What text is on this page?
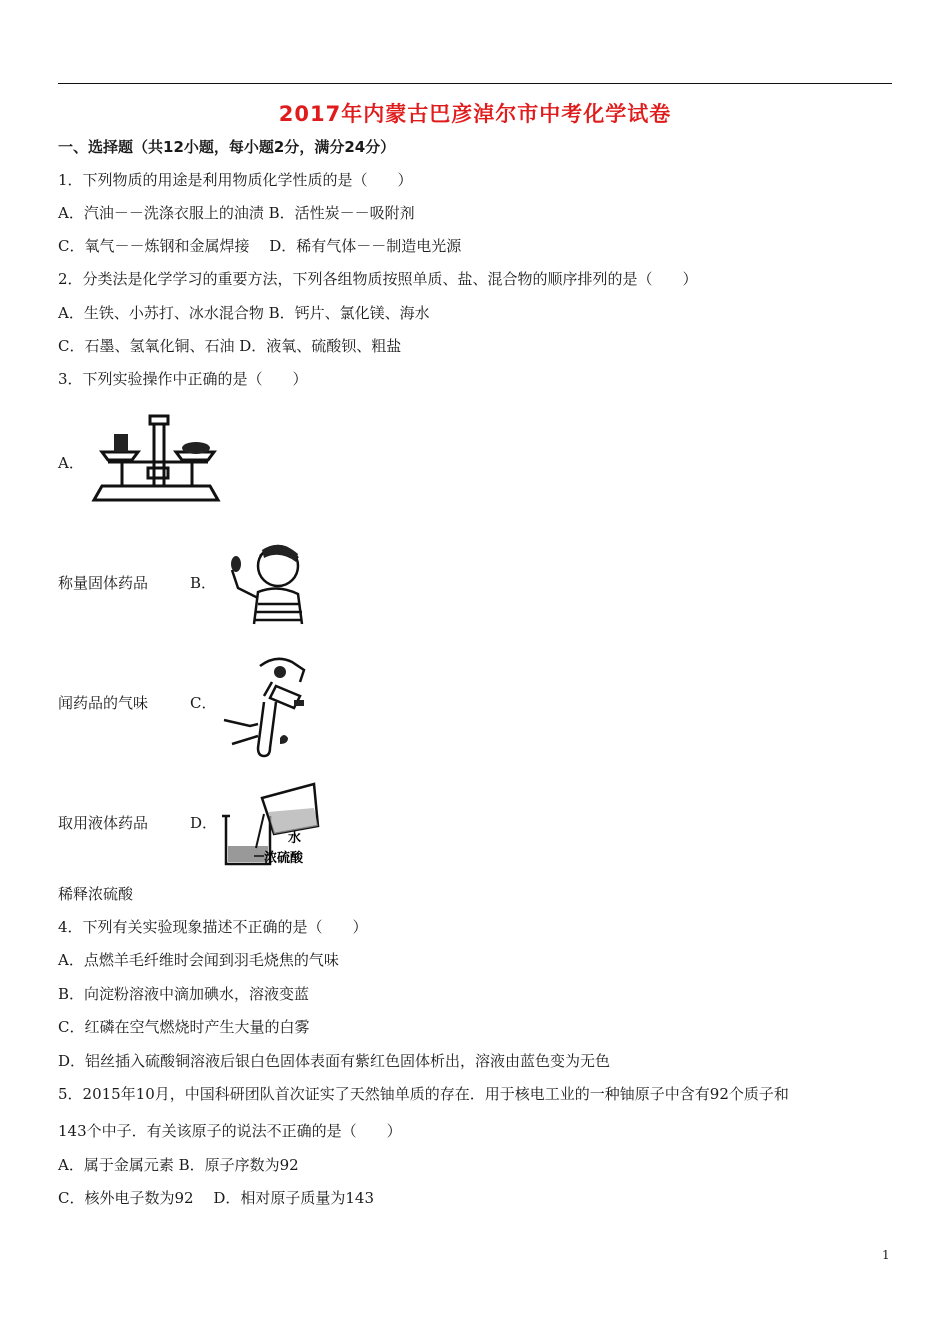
2017年内蒙古巴彦淖尔市中考化学试卷
一、选择题（共12小题，每小题2分，满分24分）
1．下列物质的用途是利用物质化学性质的是（　　）
A．汽油－－洗涤衣服上的油渍 B．活性炭－－吸附剂
C．氧气－－炼钢和金属焊接　 D．稀有气体－－制造电光源
2．分类法是化学学习的重要方法，下列各组物质按照单质、盐、混合物的顺序排列的是（　　）
A．生铁、小苏打、冰水混合物 B．钙片、氯化镁、海水
C．石墨、氢氧化铜、石油 D．液氧、硫酸钡、粗盐
3．下列实验操作中正确的是（　　）
A．
称量固体药品	B．
闻药品的气味	C．
取用液体药品	D．
水
浓硫酸
稀释浓硫酸
4．下列有关实验现象描述不正确的是（　　）
A．点燃羊毛纤维时会闻到羽毛烧焦的气味
B．向淀粉溶液中滴加碘水，溶液变蓝
C．红磷在空气燃烧时产生大量的白雾
D．铝丝插入硫酸铜溶液后银白色固体表面有紫红色固体析出，溶液由蓝色变为无色
5．2015年10月，中国科研团队首次证实了天然铀单质的存在．用于核电工业的一种铀原子中含有92个质子和
143个中子．有关该原子的说法不正确的是（　　）
A．属于金属元素 B．原子序数为92
C．核外电子数为92　 D．相对原子质量为143
1
